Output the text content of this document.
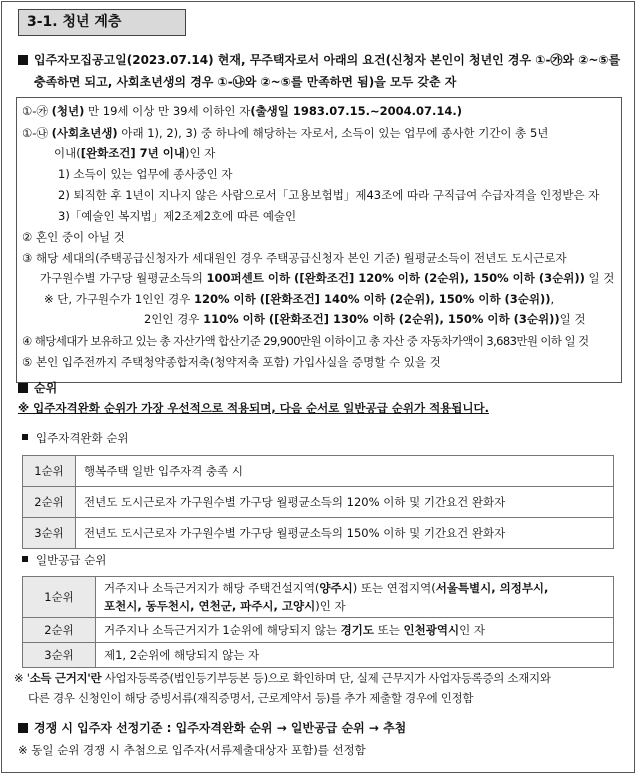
3-1. 청년 계층
입주자모집공고일(2023.07.14) 현재, 무주택자로서 아래의 요건(신청자 본인이 청년인 경우 ①-㉮와 ②~⑤를
충족하면 되고, 사회초년생의 경우 ①-㉯와 ②~⑤를 만족하면 됨)을 모두 갖춘 자
①-㉮ (청년) 만 19세 이상 만 39세 이하인 자(출생일 1983.07.15.~2004.07.14.)
①-㉯ (사회초년생) 아래 1), 2), 3) 중 하나에 해당하는 자로서, 소득이 있는 업무에 종사한 기간이 총 5년
이내([완화조건] 7년 이내)인 자
1) 소득이 있는 업무에 종사중인 자
2) 퇴직한 후 1년이 지나지 않은 사람으로서「고용보험법」제43조에 따라 구직급여 수급자격을 인정받은 자
3)「예술인 복지법」제2조제2호에 따른 예술인
② 혼인 중이 아닐 것
③ 해당 세대의(주택공급신청자가 세대원인 경우 주택공급신청자 본인 기준) 월평균소득이 전년도 도시근로자
가구원수별 가구당 월평균소득의 100퍼센트 이하 ([완화조건] 120% 이하 (2순위), 150% 이하 (3순위)) 일 것
※ 단, 가구원수가 1인인 경우 120% 이하 ([완화조건] 140% 이하 (2순위), 150% 이하 (3순위)),
2인인 경우 110% 이하 ([완화조건] 130% 이하 (2순위), 150% 이하 (3순위))일 것
④ 해당세대가 보유하고 있는 총 자산가액 합산기준 29,900만원 이하이고 총 자산 중 자동차가액이 3,683만원 이하 일 것
⑤ 본인 입주전까지 주택청약종합저축(청약저축 포함) 가입사실을 증명할 수 있을 것
순위
※ 입주자격완화 순위가 가장 우선적으로 적용되며, 다음 순서로 일반공급 순위가 적용됩니다.
입주자격완화 순위
1순위	행복주택 일반 입주자격 충족 시
2순위	전년도 도시근로자 가구원수별 가구당 월평균소득의 120% 이하 및 기간요건 완화자
3순위	전년도 도시근로자 가구원수별 가구당 월평균소득의 150% 이하 및 기간요건 완화자
일반공급 순위
1순위	거주지나 소득근거지가 해당 주택건설지역(양주시) 또는 연접지역(서울특별시, 의정부시,
포천시, 동두천시, 연천군, 파주시, 고양시)인 자
2순위	거주지나 소득근거지가 1순위에 해당되지 않는 경기도 또는 인천광역시인 자
3순위	제1, 2순위에 해당되지 않는 자
※ '소득 근거지'란 사업자등록증(법인등기부등본 등)으로 확인하며 단, 실제 근무지가 사업자등록증의 소재지와
다른 경우 신청인이 해당 증빙서류(재직증명서, 근로계약서 등)를 추가 제출할 경우에 인정함
경쟁 시 입주자 선정기준 : 입주자격완화 순위 → 일반공급 순위 → 추첨
※ 동일 순위 경쟁 시 추첨으로 입주자(서류제출대상자 포함)를 선정함
